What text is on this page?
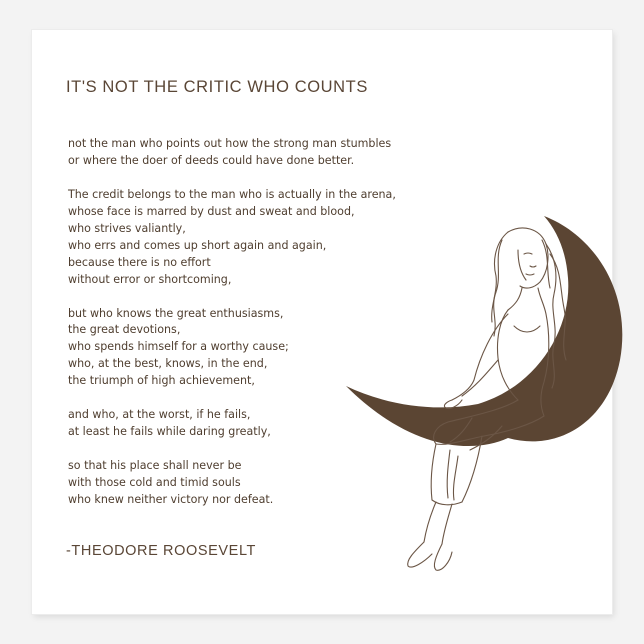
IT'S NOT THE CRITIC WHO COUNTS

not the man who points out how the strong man stumbles
or where the doer of deeds could have done better.

The credit belongs to the man who is actually in the arena,
whose face is marred by dust and sweat and blood,
who strives valiantly,
who errs and comes up short again and again,
because there is no effort
without error or shortcoming,

but who knows the great enthusiasms,
the great devotions,
who spends himself for a worthy cause;
who, at the best, knows, in the end,
the triumph of high achievement,

and who, at the worst, if he fails,
at least he fails while daring greatly,

so that his place shall never be
with those cold and timid souls
who knew neither victory nor defeat.

-THEODORE ROOSEVELT
